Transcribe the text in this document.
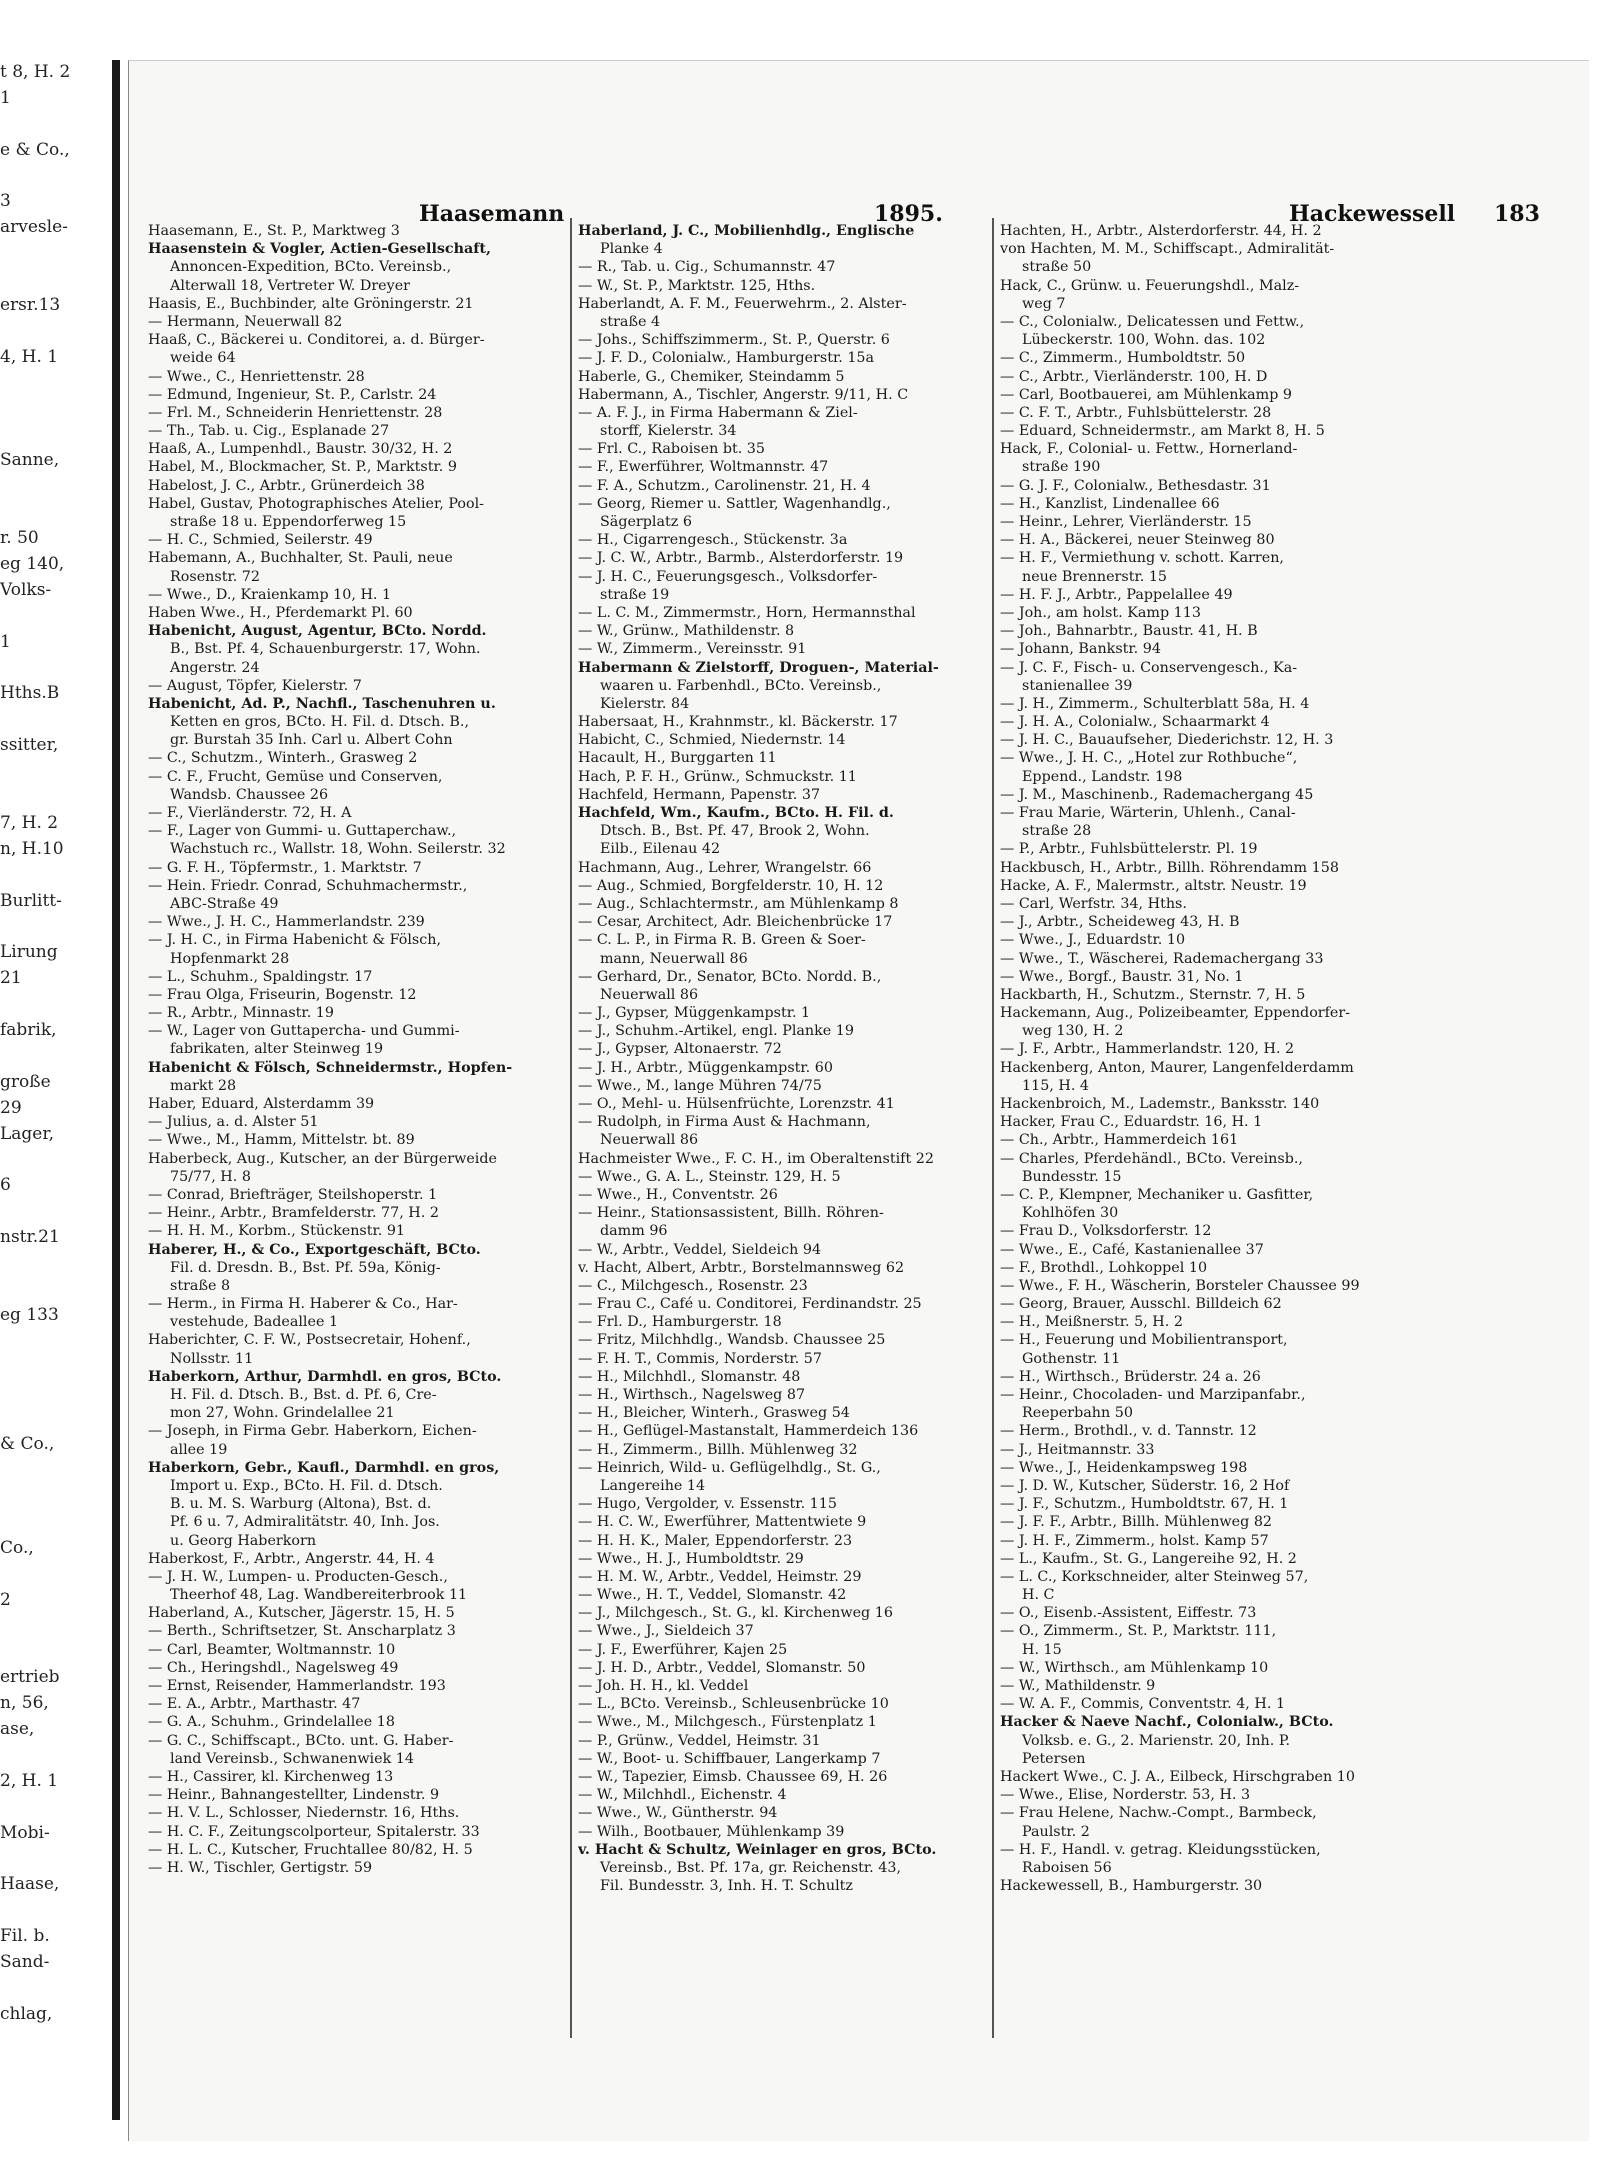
t 8, H. 2
1
e & Co.,
3
arvesle-
ersr.13
4, H. 1
Sanne,
r. 50
eg 140,
Volks-
1
Hths.B
ssitter,
7, H. 2
n, H.10
Burlitt-
Lirung
21
fabrik,
große
29
Lager,
6
nstr.21
eg 133
& Co.,
Co.,
2
ertrieb
n, 56,
ase,
2, H. 1
Mobi-
Haase,
Fil. b.
Sand-
chlag,
Haasemann	1895.	Hackewessell 183
Haasemann, E., St. P., Marktweg 3
Haasenstein & Vogler, Actien-Gesellschaft,
Annoncen-Expedition, BCto. Vereinsb.,
Alterwall 18, Vertreter W. Dreyer
Haasis, E., Buchbinder, alte Gröningerstr. 21
— Hermann, Neuerwall 82
Haaß, C., Bäckerei u. Conditorei, a. d. Bürger-
weide 64
— Wwe., C., Henriettenstr. 28
— Edmund, Ingenieur, St. P., Carlstr. 24
— Frl. M., Schneiderin Henriettenstr. 28
— Th., Tab. u. Cig., Esplanade 27
Haaß, A., Lumpenhdl., Baustr. 30/32, H. 2
Habel, M., Blockmacher, St. P., Marktstr. 9
Habelost, J. C., Arbtr., Grünerdeich 38
Habel, Gustav, Photographisches Atelier, Pool-
straße 18 u. Eppendorferweg 15
— H. C., Schmied, Seilerstr. 49
Habemann, A., Buchhalter, St. Pauli, neue
Rosenstr. 72
— Wwe., D., Kraienkamp 10, H. 1
Haben Wwe., H., Pferdemarkt Pl. 60
Habenicht, August, Agentur, BCto. Nordd.
B., Bst. Pf. 4, Schauenburgerstr. 17, Wohn.
Angerstr. 24
— August, Töpfer, Kielerstr. 7
Habenicht, Ad. P., Nachfl., Taschenuhren u.
Ketten en gros, BCto. H. Fil. d. Dtsch. B.,
gr. Burstah 35 Inh. Carl u. Albert Cohn
— C., Schutzm., Winterh., Grasweg 2
— C. F., Frucht, Gemüse und Conserven,
Wandsb. Chaussee 26
— F., Vierländerstr. 72, H. A
— F., Lager von Gummi- u. Guttaperchaw.,
Wachstuch rc., Wallstr. 18, Wohn. Seilerstr. 32
— G. F. H., Töpfermstr., 1. Marktstr. 7
— Hein. Friedr. Conrad, Schuhmachermstr.,
ABC-Straße 49
— Wwe., J. H. C., Hammerlandstr. 239
— J. H. C., in Firma Habenicht & Fölsch,
Hopfenmarkt 28
— L., Schuhm., Spaldingstr. 17
— Frau Olga, Friseurin, Bogenstr. 12
— R., Arbtr., Minnastr. 19
— W., Lager von Guttapercha- und Gummi-
fabrikaten, alter Steinweg 19
Habenicht & Fölsch, Schneidermstr., Hopfen-
markt 28
Haber, Eduard, Alsterdamm 39
— Julius, a. d. Alster 51
— Wwe., M., Hamm, Mittelstr. bt. 89
Haberbeck, Aug., Kutscher, an der Bürgerweide
75/77, H. 8
— Conrad, Briefträger, Steilshoperstr. 1
— Heinr., Arbtr., Bramfelderstr. 77, H. 2
— H. H. M., Korbm., Stückenstr. 91
Haberer, H., & Co., Exportgeschäft, BCto.
Fil. d. Dresdn. B., Bst. Pf. 59a, König-
straße 8
— Herm., in Firma H. Haberer & Co., Har-
vestehude, Badeallee 1
Haberichter, C. F. W., Postsecretair, Hohenf.,
Nollsstr. 11
Haberkorn, Arthur, Darmhdl. en gros, BCto.
H. Fil. d. Dtsch. B., Bst. d. Pf. 6, Cre-
mon 27, Wohn. Grindelallee 21
— Joseph, in Firma Gebr. Haberkorn, Eichen-
allee 19
Haberkorn, Gebr., Kaufl., Darmhdl. en gros,
Import u. Exp., BCto. H. Fil. d. Dtsch.
B. u. M. S. Warburg (Altona), Bst. d.
Pf. 6 u. 7, Admiralitätstr. 40, Inh. Jos.
u. Georg Haberkorn
Haberkost, F., Arbtr., Angerstr. 44, H. 4
— J. H. W., Lumpen- u. Producten-Gesch.,
Theerhof 48, Lag. Wandbereiterbrook 11
Haberland, A., Kutscher, Jägerstr. 15, H. 5
— Berth., Schriftsetzer, St. Anscharplatz 3
— Carl, Beamter, Woltmannstr. 10
— Ch., Heringshdl., Nagelsweg 49
— Ernst, Reisender, Hammerlandstr. 193
— E. A., Arbtr., Marthastr. 47
— G. A., Schuhm., Grindelallee 18
— G. C., Schiffscapt., BCto. unt. G. Haber-
land Vereinsb., Schwanenwiek 14
— H., Cassirer, kl. Kirchenweg 13
— Heinr., Bahnangestellter, Lindenstr. 9
— H. V. L., Schlosser, Niedernstr. 16, Hths.
— H. C. F., Zeitungscolporteur, Spitalerstr. 33
— H. L. C., Kutscher, Fruchtallee 80/82, H. 5
— H. W., Tischler, Gertigstr. 59
Haberland, J. C., Mobilienhdlg., Englische
Planke 4
— R., Tab. u. Cig., Schumannstr. 47
— W., St. P., Marktstr. 125, Hths.
Haberlandt, A. F. M., Feuerwehrm., 2. Alster-
straße 4
— Johs., Schiffszimmerm., St. P., Querstr. 6
— J. F. D., Colonialw., Hamburgerstr. 15a
Haberle, G., Chemiker, Steindamm 5
Habermann, A., Tischler, Angerstr. 9/11, H. C
— A. F. J., in Firma Habermann & Ziel-
storff, Kielerstr. 34
— Frl. C., Raboisen bt. 35
— F., Ewerführer, Woltmannstr. 47
— F. A., Schutzm., Carolinenstr. 21, H. 4
— Georg, Riemer u. Sattler, Wagenhandlg.,
Sägerplatz 6
— H., Cigarrengesch., Stückenstr. 3a
— J. C. W., Arbtr., Barmb., Alsterdorferstr. 19
— J. H. C., Feuerungsgesch., Volksdorfer-
straße 19
— L. C. M., Zimmermstr., Horn, Hermannsthal
— W., Grünw., Mathildenstr. 8
— W., Zimmerm., Vereinsstr. 91
Habermann & Zielstorff, Droguen-, Material-
waaren u. Farbenhdl., BCto. Vereinsb.,
Kielerstr. 84
Habersaat, H., Krahnmstr., kl. Bäckerstr. 17
Habicht, C., Schmied, Niedernstr. 14
Hacault, H., Burggarten 11
Hach, P. F. H., Grünw., Schmuckstr. 11
Hachfeld, Hermann, Papenstr. 37
Hachfeld, Wm., Kaufm., BCto. H. Fil. d.
Dtsch. B., Bst. Pf. 47, Brook 2, Wohn.
Eilb., Eilenau 42
Hachmann, Aug., Lehrer, Wrangelstr. 66
— Aug., Schmied, Borgfelderstr. 10, H. 12
— Aug., Schlachtermstr., am Mühlenkamp 8
— Cesar, Architect, Adr. Bleichenbrücke 17
— C. L. P., in Firma R. B. Green & Soer-
mann, Neuerwall 86
— Gerhard, Dr., Senator, BCto. Nordd. B.,
Neuerwall 86
— J., Gypser, Müggenkampstr. 1
— J., Schuhm.-Artikel, engl. Planke 19
— J., Gypser, Altonaerstr. 72
— J. H., Arbtr., Müggenkampstr. 60
— Wwe., M., lange Mühren 74/75
— O., Mehl- u. Hülsenfrüchte, Lorenzstr. 41
— Rudolph, in Firma Aust & Hachmann,
Neuerwall 86
Hachmeister Wwe., F. C. H., im Oberaltenstift 22
— Wwe., G. A. L., Steinstr. 129, H. 5
— Wwe., H., Conventstr. 26
— Heinr., Stationsassistent, Billh. Röhren-
damm 96
— W., Arbtr., Veddel, Sieldeich 94
v. Hacht, Albert, Arbtr., Borstelmannsweg 62
— C., Milchgesch., Rosenstr. 23
— Frau C., Café u. Conditorei, Ferdinandstr. 25
— Frl. D., Hamburgerstr. 18
— Fritz, Milchhdlg., Wandsb. Chaussee 25
— F. H. T., Commis, Norderstr. 57
— H., Milchhdl., Slomanstr. 48
— H., Wirthsch., Nagelsweg 87
— H., Bleicher, Winterh., Grasweg 54
— H., Geflügel-Mastanstalt, Hammerdeich 136
— H., Zimmerm., Billh. Mühlenweg 32
— Heinrich, Wild- u. Geflügelhdlg., St. G.,
Langereihe 14
— Hugo, Vergolder, v. Essenstr. 115
— H. C. W., Ewerführer, Mattentwiete 9
— H. H. K., Maler, Eppendorferstr. 23
— Wwe., H. J., Humboldtstr. 29
— H. M. W., Arbtr., Veddel, Heimstr. 29
— Wwe., H. T., Veddel, Slomanstr. 42
— J., Milchgesch., St. G., kl. Kirchenweg 16
— Wwe., J., Sieldeich 37
— J. F., Ewerführer, Kajen 25
— J. H. D., Arbtr., Veddel, Slomanstr. 50
— Joh. H. H., kl. Veddel
— L., BCto. Vereinsb., Schleusenbrücke 10
— Wwe., M., Milchgesch., Fürstenplatz 1
— P., Grünw., Veddel, Heimstr. 31
— W., Boot- u. Schiffbauer, Langerkamp 7
— W., Tapezier, Eimsb. Chaussee 69, H. 26
— W., Milchhdl., Eichenstr. 4
— Wwe., W., Güntherstr. 94
— Wilh., Bootbauer, Mühlenkamp 39
v. Hacht & Schultz, Weinlager en gros, BCto.
Vereinsb., Bst. Pf. 17a, gr. Reichenstr. 43,
Fil. Bundesstr. 3, Inh. H. T. Schultz
Hachten, H., Arbtr., Alsterdorferstr. 44, H. 2
von Hachten, M. M., Schiffscapt., Admiralität-
straße 50
Hack, C., Grünw. u. Feuerungshdl., Malz-
weg 7
— C., Colonialw., Delicatessen und Fettw.,
Lübeckerstr. 100, Wohn. das. 102
— C., Zimmerm., Humboldtstr. 50
— C., Arbtr., Vierländerstr. 100, H. D
— Carl, Bootbauerei, am Mühlenkamp 9
— C. F. T., Arbtr., Fuhlsbüttelerstr. 28
— Eduard, Schneidermstr., am Markt 8, H. 5
Hack, F., Colonial- u. Fettw., Hornerland-
straße 190
— G. J. F., Colonialw., Bethesdastr. 31
— H., Kanzlist, Lindenallee 66
— Heinr., Lehrer, Vierländerstr. 15
— H. A., Bäckerei, neuer Steinweg 80
— H. F., Vermiethung v. schott. Karren,
neue Brennerstr. 15
— H. F. J., Arbtr., Pappelallee 49
— Joh., am holst. Kamp 113
— Joh., Bahnarbtr., Baustr. 41, H. B
— Johann, Bankstr. 94
— J. C. F., Fisch- u. Conservengesch., Ka-
stanienallee 39
— J. H., Zimmerm., Schulterblatt 58a, H. 4
— J. H. A., Colonialw., Schaarmarkt 4
— J. H. C., Bauaufseher, Diederichstr. 12, H. 3
— Wwe., J. H. C., „Hotel zur Rothbuche“,
Eppend., Landstr. 198
— J. M., Maschinenb., Rademachergang 45
— Frau Marie, Wärterin, Uhlenh., Canal-
straße 28
— P., Arbtr., Fuhlsbüttelerstr. Pl. 19
Hackbusch, H., Arbtr., Billh. Röhrendamm 158
Hacke, A. F., Malermstr., altstr. Neustr. 19
— Carl, Werfstr. 34, Hths.
— J., Arbtr., Scheideweg 43, H. B
— Wwe., J., Eduardstr. 10
— Wwe., T., Wäscherei, Rademachergang 33
— Wwe., Borgf., Baustr. 31, No. 1
Hackbarth, H., Schutzm., Sternstr. 7, H. 5
Hackemann, Aug., Polizeibeamter, Eppendorfer-
weg 130, H. 2
— J. F., Arbtr., Hammerlandstr. 120, H. 2
Hackenberg, Anton, Maurer, Langenfelderdamm
115, H. 4
Hackenbroich, M., Lademstr., Banksstr. 140
Hacker, Frau C., Eduardstr. 16, H. 1
— Ch., Arbtr., Hammerdeich 161
— Charles, Pferdehändl., BCto. Vereinsb.,
Bundesstr. 15
— C. P., Klempner, Mechaniker u. Gasfitter,
Kohlhöfen 30
— Frau D., Volksdorferstr. 12
— Wwe., E., Café, Kastanienallee 37
— F., Brothdl., Lohkoppel 10
— Wwe., F. H., Wäscherin, Borsteler Chaussee 99
— Georg, Brauer, Ausschl. Billdeich 62
— H., Meißnerstr. 5, H. 2
— H., Feuerung und Mobilientransport,
Gothenstr. 11
— H., Wirthsch., Brüderstr. 24 a. 26
— Heinr., Chocoladen- und Marzipanfabr.,
Reeperbahn 50
— Herm., Brothdl., v. d. Tannstr. 12
— J., Heitmannstr. 33
— Wwe., J., Heidenkampsweg 198
— J. D. W., Kutscher, Süderstr. 16, 2 Hof
— J. F., Schutzm., Humboldtstr. 67, H. 1
— J. F. F., Arbtr., Billh. Mühlenweg 82
— J. H. F., Zimmerm., holst. Kamp 57
— L., Kaufm., St. G., Langereihe 92, H. 2
— L. C., Korkschneider, alter Steinweg 57,
H. C
— O., Eisenb.-Assistent, Eiffestr. 73
— O., Zimmerm., St. P., Marktstr. 111,
H. 15
— W., Wirthsch., am Mühlenkamp 10
— W., Mathildenstr. 9
— W. A. F., Commis, Conventstr. 4, H. 1
Hacker & Naeve Nachf., Colonialw., BCto.
Volksb. e. G., 2. Marienstr. 20, Inh. P.
Petersen
Hackert Wwe., C. J. A., Eilbeck, Hirschgraben 10
— Wwe., Elise, Norderstr. 53, H. 3
— Frau Helene, Nachw.-Compt., Barmbeck,
Paulstr. 2
— H. F., Handl. v. getrag. Kleidungsstücken,
Raboisen 56
Hackewessell, B., Hamburgerstr. 30
